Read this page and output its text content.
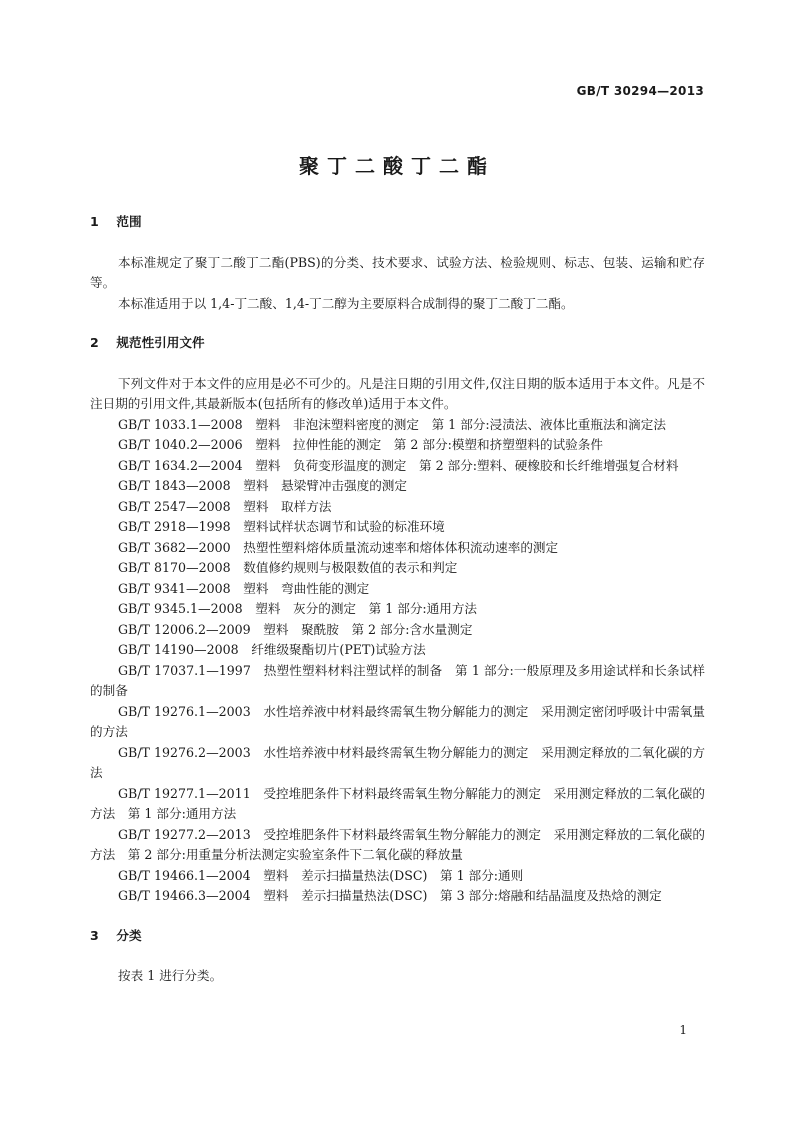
GB/T 30294—2013
聚丁二酸丁二酯
1 范围

本标准规定了聚丁二酸丁二酯(PBS)的分类、技术要求、试验方法、检验规则、标志、包装、运输和贮存等。

本标准适用于以 1,4-丁二酸、1,4-丁二醇为主要原料合成制得的聚丁二酸丁二酯。

2 规范性引用文件

下列文件对于本文件的应用是必不可少的。凡是注日期的引用文件,仅注日期的版本适用于本文件。凡是不注日期的引用文件,其最新版本(包括所有的修改单)适用于本文件。

GB/T 1033.1—2008　 塑料　非泡沫塑料密度的测定　第 1 部分:浸渍法、液体比重瓶法和滴定法

GB/T 1040.2—2006　 塑料　拉伸性能的测定　第 2 部分:模塑和挤塑塑料的试验条件

GB/T 1634.2—2004　 塑料　负荷变形温度的测定　第 2 部分:塑料、硬橡胶和长纤维增强复合材料

GB/T 1843—2008　 塑料　悬梁臂冲击强度的测定

GB/T 2547—2008　 塑料　取样方法

GB/T 2918—1998　 塑料试样状态调节和试验的标准环境

GB/T 3682—2000　 热塑性塑料熔体质量流动速率和熔体体积流动速率的测定

GB/T 8170—2008　 数值修约规则与极限数值的表示和判定

GB/T 9341—2008　 塑料　弯曲性能的测定

GB/T 9345.1—2008　 塑料　灰分的测定　第 1 部分:通用方法

GB/T 12006.2—2009　 塑料　聚酰胺　第 2 部分:含水量测定

GB/T 14190—2008　 纤维级聚酯切片(PET)试验方法

GB/T 17037.1—1997　 热塑性塑料材料注塑试样的制备　第 1 部分:一般原理及多用途试样和长条试样的制备

GB/T 19276.1—2003　 水性培养液中材料最终需氧生物分解能力的测定　采用测定密闭呼吸计中需氧量的方法

GB/T 19276.2—2003　 水性培养液中材料最终需氧生物分解能力的测定　采用测定释放的二氧化碳的方法

GB/T 19277.1—2011　 受控堆肥条件下材料最终需氧生物分解能力的测定　采用测定释放的二氧化碳的方法　第 1 部分:通用方法

GB/T 19277.2—2013　 受控堆肥条件下材料最终需氧生物分解能力的测定　采用测定释放的二氧化碳的方法　第 2 部分:用重量分析法测定实验室条件下二氧化碳的释放量

GB/T 19466.1—2004　 塑料　差示扫描量热法(DSC)　第 1 部分:通则

GB/T 19466.3—2004　 塑料　差示扫描量热法(DSC)　第 3 部分:熔融和结晶温度及热焓的测定

3 分类

按表 1 进行分类。

1
